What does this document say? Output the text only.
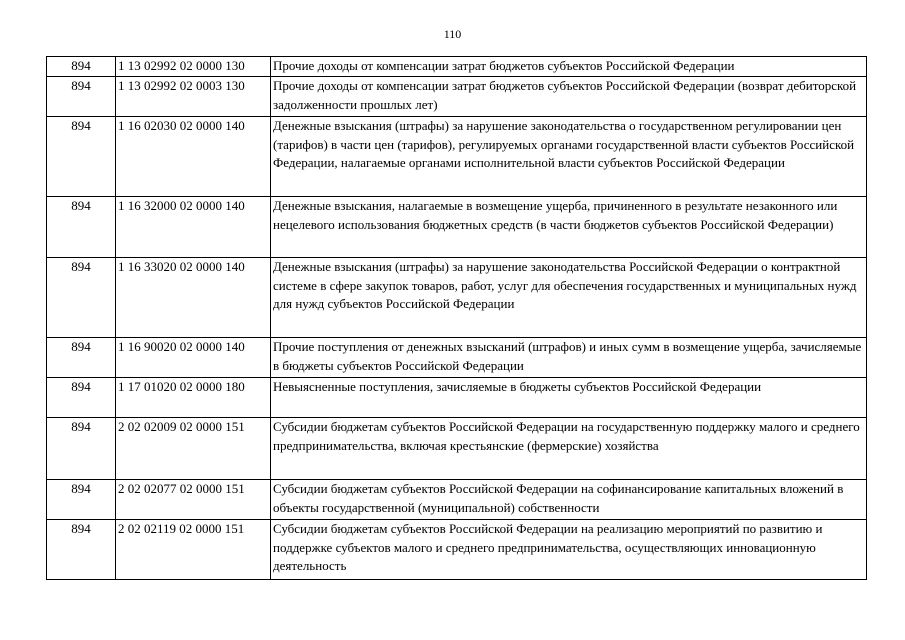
110
894	1 13 02992 02 0000 130	Прочие доходы от компенсации затрат бюджетов субъектов Российской Федерации
894	1 13 02992 02 0003 130	Прочие доходы от компенсации затрат бюджетов субъектов Российской Федерации (возврат дебиторской задолженности прошлых лет)
894	1 16 02030 02 0000 140	Денежные взыскания (штрафы) за нарушение законодательства о государственном регулировании цен (тарифов) в части цен (тарифов), регулируемых органами государственной власти субъектов Российской Федерации, налагаемые органами исполнительной власти субъектов Российской Федерации
894	1 16 32000 02 0000 140	Денежные взыскания, налагаемые в возмещение ущерба, причиненного в результате незаконного или нецелевого использования бюджетных средств (в части бюджетов субъектов Российской Федерации)
894	1 16 33020 02 0000 140	Денежные взыскания (штрафы) за нарушение законодательства Российской Федерации о контрактной системе в сфере закупок товаров, работ, услуг для обеспечения государственных и муниципальных нужд для нужд субъектов Российской Федерации
894	1 16 90020 02 0000 140	Прочие поступления от денежных взысканий (штрафов) и иных сумм в возмещение ущерба, зачисляемые в бюджеты субъектов Российской Федерации
894	1 17 01020 02 0000 180	Невыясненные поступления, зачисляемые в бюджеты субъектов Российской Федерации
894	2 02 02009 02 0000 151	Субсидии бюджетам субъектов Российской Федерации на государственную поддержку малого и среднего предпринимательства, включая крестьянские (фермерские) хозяйства
894	2 02 02077 02 0000 151	Субсидии бюджетам субъектов Российской Федерации на софинансирование капитальных вложений в объекты государственной (муниципальной) собственности
894	2 02 02119 02 0000 151	Субсидии бюджетам субъектов Российской Федерации на реализацию мероприятий по развитию и поддержке субъектов малого и среднего предпринимательства, осуществляющих инновационную деятельность
